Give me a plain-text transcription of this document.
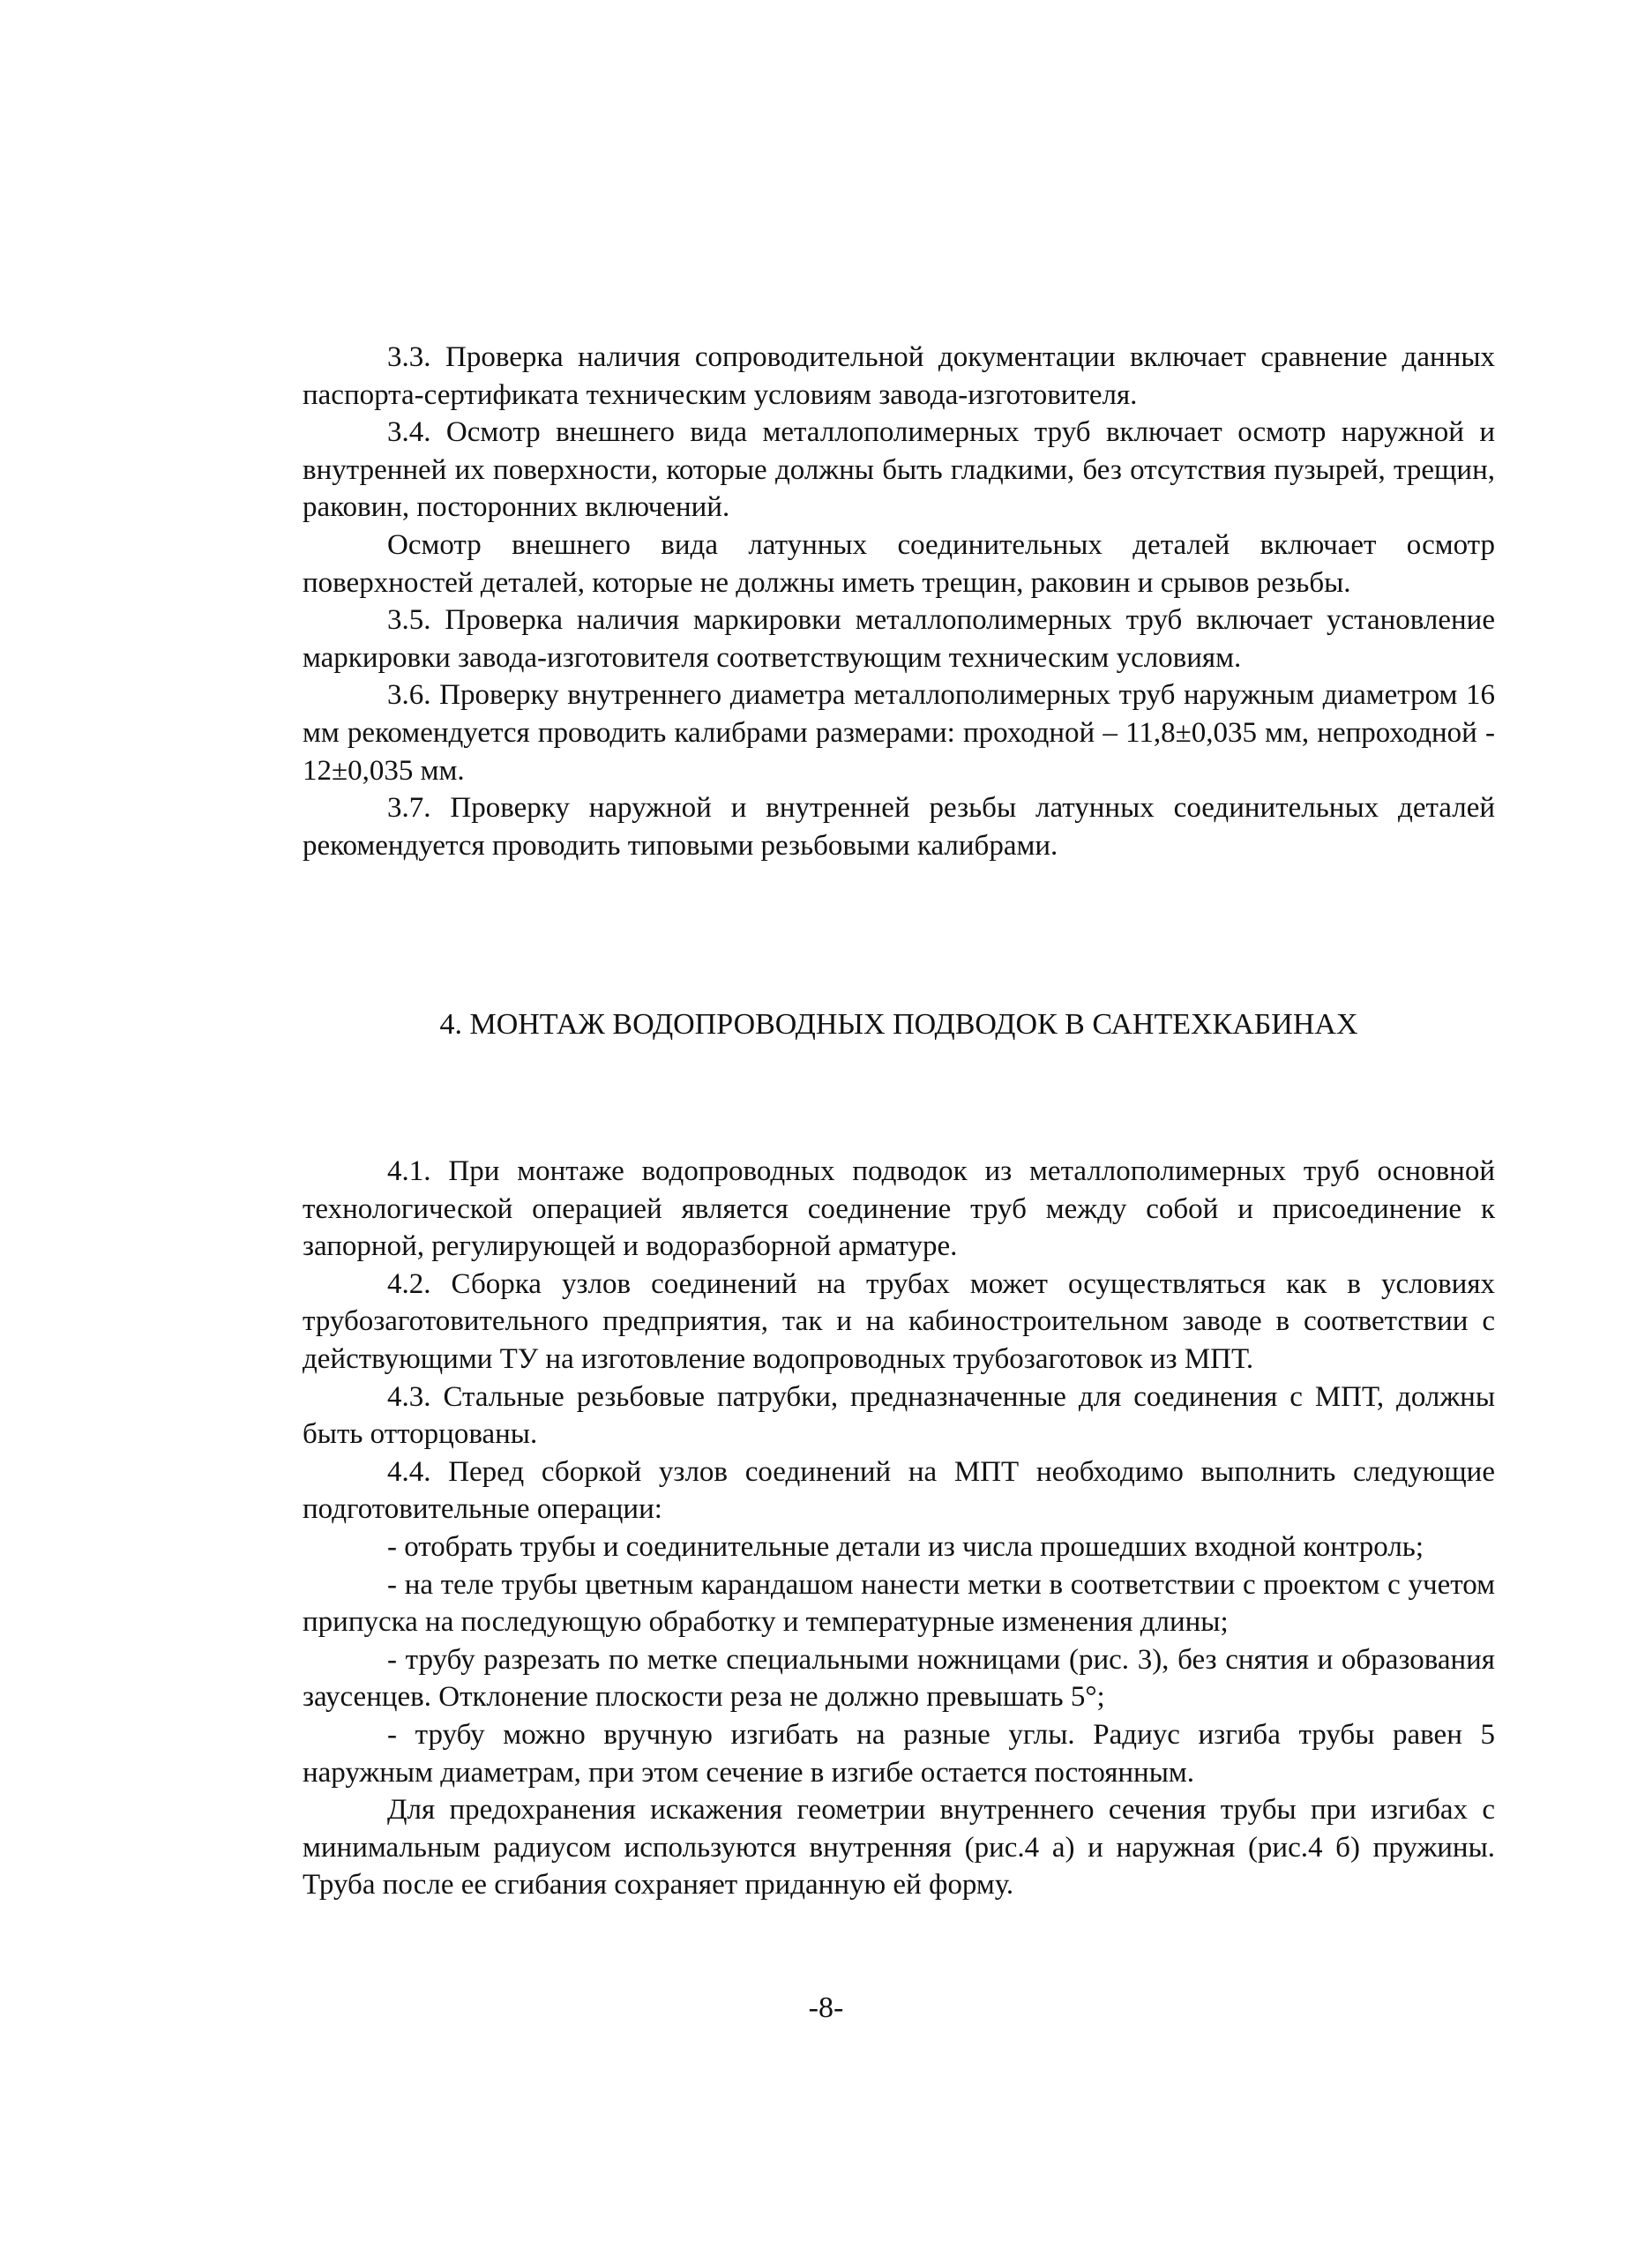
3.3. Проверка наличия сопроводительной документации включает сравнение данных паспорта-сертификата техническим условиям завода-изготовителя.

3.4. Осмотр внешнего вида металлополимерных труб включает осмотр наружной и внутренней их поверхности, которые должны быть гладкими, без отсутствия пузырей, трещин, раковин, посторонних включений.

Осмотр внешнего вида латунных соединительных деталей включает осмотр поверхностей деталей, которые не должны иметь трещин, раковин и срывов резьбы.

3.5. Проверка наличия маркировки металлополимерных труб включает установление маркировки завода-изготовителя соответствующим техническим условиям.

3.6. Проверку внутреннего диаметра металлополимерных труб наружным диаметром 16 мм рекомендуется проводить калибрами размерами: проходной – 11,8±0,035 мм, непроходной - 12±0,035 мм.

3.7. Проверку наружной и внутренней резьбы латунных соединительных деталей рекомендуется проводить типовыми резьбовыми калибрами.

4. МОНТАЖ ВОДОПРОВОДНЫХ ПОДВОДОК В САНТЕХКАБИНАХ

4.1. При монтаже водопроводных подводок из металлополимерных труб основной технологической операцией является соединение труб между собой и присоединение к запорной, регулирующей и водоразборной арматуре.

4.2. Сборка узлов соединений на трубах может осуществляться как в условиях трубозаготовительного предприятия, так и на кабиностроительном заводе в соответствии с действующими ТУ на изготовление водопроводных трубозаготовок из МПТ.

4.3. Стальные резьбовые патрубки, предназначенные для соединения с МПТ, должны быть отторцованы.

4.4. Перед сборкой узлов соединений на МПТ необходимо выполнить следующие подготовительные операции:

- отобрать трубы и соединительные детали из числа прошедших входной контроль;

- на теле трубы цветным карандашом нанести метки в соответствии с проектом с учетом припуска на последующую обработку и температурные изменения длины;

- трубу разрезать по метке специальными ножницами (рис. 3), без снятия и образования заусенцев. Отклонение плоскости реза не должно превышать 5°;

- трубу можно вручную изгибать на разные углы. Радиус изгиба трубы равен 5 наружным диаметрам, при этом сечение в изгибе остается постоянным.

Для предохранения искажения геометрии внутреннего сечения трубы при изгибах с минимальным радиусом используются внутренняя (рис.4 а) и наружная (рис.4 б) пружины. Труба после ее сгибания сохраняет приданную ей форму.

-8-
